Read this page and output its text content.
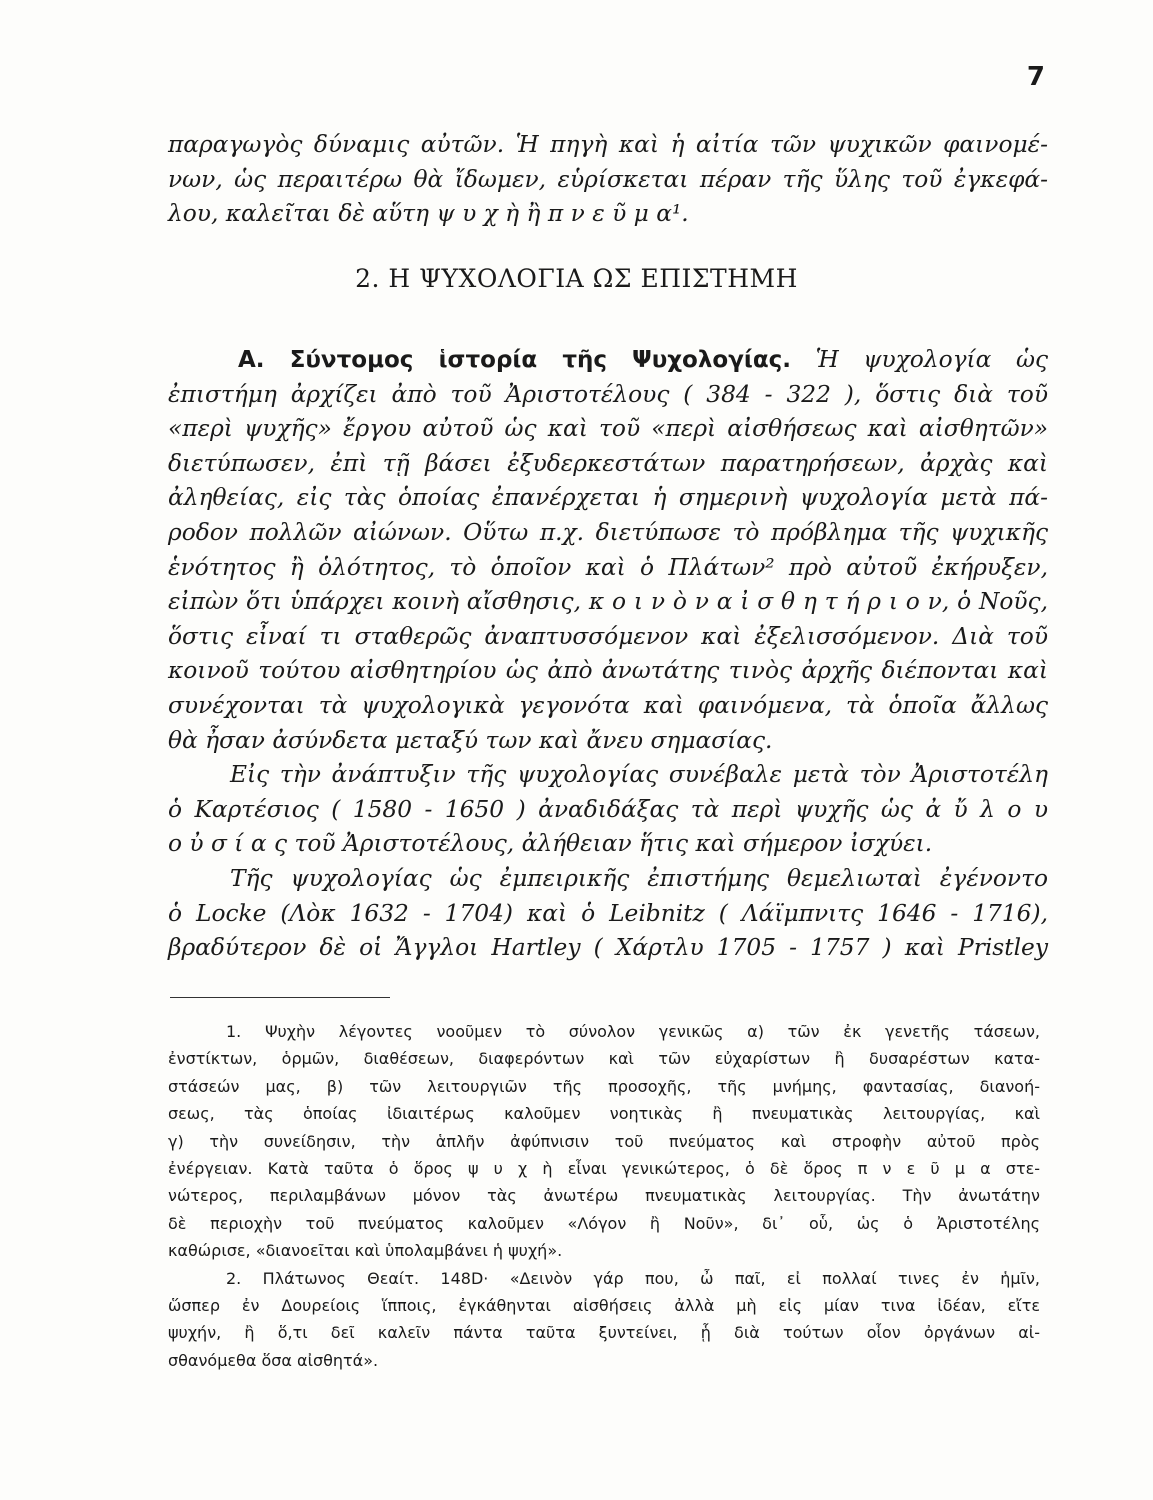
7
παραγωγὸς δύναμις αὐτῶν. Ἡ πηγὴ καὶ ἡ αἰτία τῶν ψυχικῶν φαινομέ-
νων, ὡς περαιτέρω θὰ ἴδωμεν, εὑρίσκεται πέραν τῆς ὕλης τοῦ ἐγκεφά-
λου, καλεῖται δὲ αὕτη ψ υ χ ὴ ἢ π ν ε ῦ μ α¹.
2. Η ΨΥΧΟΛΟΓΙΑ ΩΣ ΕΠΙΣΤΗΜΗ
Α. Σύντομος ἱστορία τῆς Ψυχολογίας. Ἡ ψυχολογία ὡς
ἐπιστήμη ἀρχίζει ἀπὸ τοῦ Ἀριστοτέλους ( 384 - 322 ), ὅστις διὰ τοῦ
«περὶ ψυχῆς» ἔργου αὐτοῦ ὡς καὶ τοῦ «περὶ αἰσθήσεως καὶ αἰσθητῶν»
διετύπωσεν, ἐπὶ τῇ βάσει ἐξυδερκεστάτων παρατηρήσεων, ἀρχὰς καὶ
ἀληθείας, εἰς τὰς ὁποίας ἐπανέρχεται ἡ σημερινὴ ψυχολογία μετὰ πά-
ροδον πολλῶν αἰώνων. Οὕτω π.χ. διετύπωσε τὸ πρόβλημα τῆς ψυχικῆς
ἑνότητος ἢ ὁλότητος, τὸ ὁποῖον καὶ ὁ Πλάτων² πρὸ αὐτοῦ ἐκήρυξεν,
εἰπὼν ὅτι ὑπάρχει κοινὴ αἴσθησις, κ ο ι ν ὸ ν α ἰ σ θ η τ ή ρ ι ο ν, ὁ Νοῦς,
ὅστις εἶναί τι σταθερῶς ἀναπτυσσόμενον καὶ ἐξελισσόμενον. Διὰ τοῦ
κοινοῦ τούτου αἰσθητηρίου ὡς ἀπὸ ἀνωτάτης τινὸς ἀρχῆς διέπονται καὶ
συνέχονται τὰ ψυχολογικὰ γεγονότα καὶ φαινόμενα, τὰ ὁποῖα ἄλλως
θὰ ἦσαν ἀσύνδετα μεταξύ των καὶ ἄνευ σημασίας.
Εἰς τὴν ἀνάπτυξιν τῆς ψυχολογίας συνέβαλε μετὰ τὸν Ἀριστοτέλη
ὁ Καρτέσιος ( 1580 - 1650 ) ἀναδιδάξας τὰ περὶ ψυχῆς ὡς ἀ ὔ λ ο υ
ο ὐ σ ί α ς τοῦ Ἀριστοτέλους, ἀλήθειαν ἥτις καὶ σήμερον ἰσχύει.
Τῆς ψυχολογίας ὡς ἐμπειρικῆς ἐπιστήμης θεμελιωταὶ ἐγένοντο
ὁ Locke (Λὸκ 1632 - 1704) καὶ ὁ Leibnitz ( Λάϊμπνιτς 1646 - 1716),
βραδύτερον δὲ οἱ Ἄγγλοι Hartley ( Χάρτλυ 1705 - 1757 ) καὶ Pristley
1. Ψυχὴν λέγοντες νοοῦμεν τὸ σύνολον γενικῶς α) τῶν ἐκ γενετῆς τάσεων,
ἐνστίκτων, ὁρμῶν, διαθέσεων, διαφερόντων καὶ τῶν εὐχαρίστων ἢ δυσαρέστων κατα-
στάσεών μας, β) τῶν λειτουργιῶν τῆς προσοχῆς, τῆς μνήμης, φαντασίας, διανοή-
σεως, τὰς ὁποίας ἰδιαιτέρως καλοῦμεν νοητικὰς ἢ πνευματικὰς λειτουργίας, καὶ
γ) τὴν συνείδησιν, τὴν ἁπλῆν ἀφύπνισιν τοῦ πνεύματος καὶ στροφὴν αὐτοῦ πρὸς
ἐνέργειαν. Κατὰ ταῦτα ὁ ὅρος ψ υ χ ὴ εἶναι γενικώτερος, ὁ δὲ ὅρος π ν ε ῦ μ α στε-
νώτερος, περιλαμβάνων μόνον τὰς ἀνωτέρω πνευματικὰς λειτουργίας. Τὴν ἀνωτάτην
δὲ περιοχὴν τοῦ πνεύματος καλοῦμεν «Λόγον ἢ Νοῦν», δι᾽ οὗ, ὡς ὁ Ἀριστοτέλης
καθώρισε, «διανοεῖται καὶ ὑπολαμβάνει ἡ ψυχή».
2. Πλάτωνος Θεαίτ. 148D· «Δεινὸν γάρ που, ὦ παῖ, εἰ πολλαί τινες ἐν ἡμῖν,
ὥσπερ ἐν Δουρείοις ἵπποις, ἐγκάθηνται αἰσθήσεις ἀλλὰ μὴ εἰς μίαν τινα ἰδέαν, εἴτε
ψυχήν, ἢ ὅ,τι δεῖ καλεῖν πάντα ταῦτα ξυντείνει, ᾗ διὰ τούτων οἷον ὀργάνων αἰ-
σθανόμεθα ὅσα αἰσθητά».
